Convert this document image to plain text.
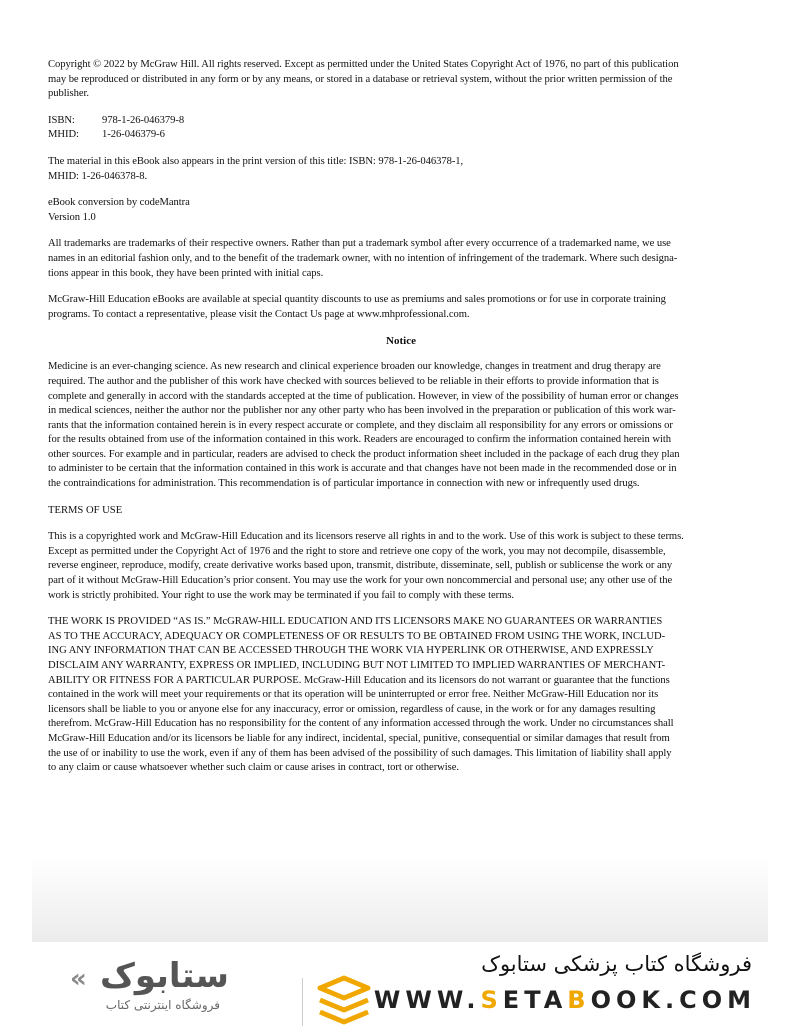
Copyright © 2022 by McGraw Hill. All rights reserved. Except as permitted under the United States Copyright Act of 1976, no part of this publication
may be reproduced or distributed in any form or by any means, or stored in a database or retrieval system, without the prior written permission of the
publisher.

ISBN:	978-1-26-046379-8
MHID:	1-26-046379-6

The material in this eBook also appears in the print version of this title: ISBN: 978-1-26-046378-1,
MHID: 1-26-046378-8.

eBook conversion by codeMantra
Version 1.0

All trademarks are trademarks of their respective owners. Rather than put a trademark symbol after every occurrence of a trademarked name, we use
names in an editorial fashion only, and to the benefit of the trademark owner, with no intention of infringement of the trademark. Where such designa-
tions appear in this book, they have been printed with initial caps.

McGraw-Hill Education eBooks are available at special quantity discounts to use as premiums and sales promotions or for use in corporate training
programs. To contact a representative, please visit the Contact Us page at www.mhprofessional.com.

Notice

Medicine is an ever-changing science. As new research and clinical experience broaden our knowledge, changes in treatment and drug therapy are
required. The author and the publisher of this work have checked with sources believed to be reliable in their efforts to provide information that is
complete and generally in accord with the standards accepted at the time of publication. However, in view of the possibility of human error or changes
in medical sciences, neither the author nor the publisher nor any other party who has been involved in the preparation or publication of this work war-
rants that the information contained herein is in every respect accurate or complete, and they disclaim all responsibility for any errors or omissions or
for the results obtained from use of the information contained in this work. Readers are encouraged to confirm the information contained herein with
other sources. For example and in particular, readers are advised to check the product information sheet included in the package of each drug they plan
to administer to be certain that the information contained in this work is accurate and that changes have not been made in the recommended dose or in
the contraindications for administration. This recommendation is of particular importance in connection with new or infrequently used drugs.

TERMS OF USE

This is a copyrighted work and McGraw-Hill Education and its licensors reserve all rights in and to the work. Use of this work is subject to these terms.
Except as permitted under the Copyright Act of 1976 and the right to store and retrieve one copy of the work, you may not decompile, disassemble,
reverse engineer, reproduce, modify, create derivative works based upon, transmit, distribute, disseminate, sell, publish or sublicense the work or any
part of it without McGraw-Hill Education’s prior consent. You may use the work for your own noncommercial and personal use; any other use of the
work is strictly prohibited. Your right to use the work may be terminated if you fail to comply with these terms.

THE WORK IS PROVIDED “AS IS.” McGRAW-HILL EDUCATION AND ITS LICENSORS MAKE NO GUARANTEES OR WARRANTIES
AS TO THE ACCURACY, ADEQUACY OR COMPLETENESS OF OR RESULTS TO BE OBTAINED FROM USING THE WORK, INCLUD-
ING ANY INFORMATION THAT CAN BE ACCESSED THROUGH THE WORK VIA HYPERLINK OR OTHERWISE, AND EXPRESSLY
DISCLAIM ANY WARRANTY, EXPRESS OR IMPLIED, INCLUDING BUT NOT LIMITED TO IMPLIED WARRANTIES OF MERCHANT-
ABILITY OR FITNESS FOR A PARTICULAR PURPOSE. McGraw-Hill Education and its licensors do not warrant or guarantee that the functions
contained in the work will meet your requirements or that its operation will be uninterrupted or error free. Neither McGraw-Hill Education nor its
licensors shall be liable to you or anyone else for any inaccuracy, error or omission, regardless of cause, in the work or for any damages resulting
therefrom. McGraw-Hill Education has no responsibility for the content of any information accessed through the work. Under no circumstances shall
McGraw-Hill Education and/or its licensors be liable for any indirect, incidental, special, punitive, consequential or similar damages that result from
the use of or inability to use the work, even if any of them has been advised of the possibility of such damages. This limitation of liability shall apply
to any claim or cause whatsoever whether such claim or cause arises in contract, tort or otherwise.

« ستابوک
فروشگاه اینترنتی کتاب
فروشگاه کتاب پزشکی ستابوک
WWW.SETABOOK.COM
